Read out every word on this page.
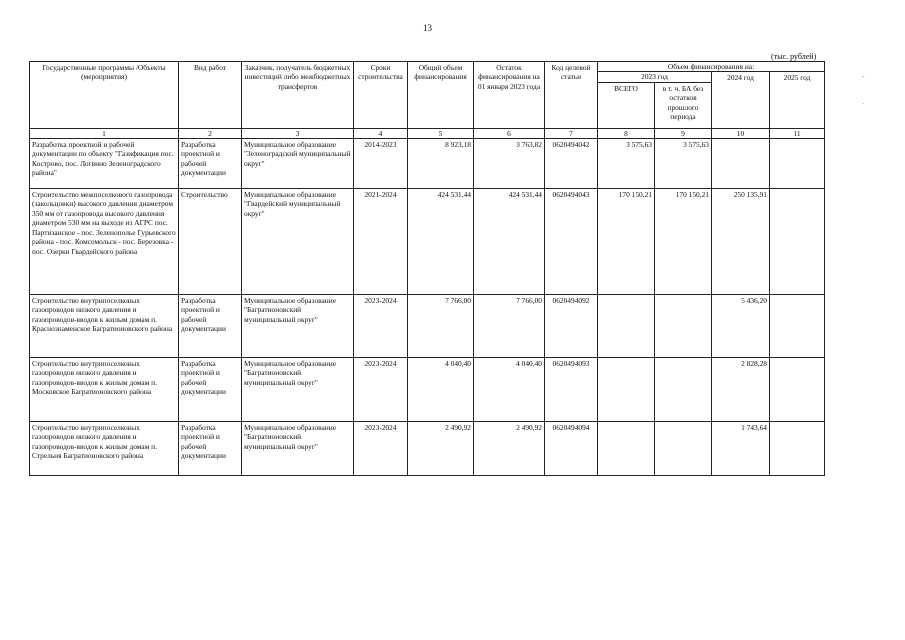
13
(тыс. рублей)
-
·
Государственные программы /Объекты (мероприятия)	Вид работ	Заказчик, получатель бюджетных инвестиций либо межбюджетных трансфертов	Сроки строительства	Общий объем финансирования	Остаток финансирования на 01 января 2023 года	Код целевой статьи	Объем финансирования на:			
							2023 год		2024 год	2025 год
							ВСЕГО	в т. ч. БА без остатков прошлого периода		
1	2	3	4	5	6	7	8	9	10	11
Разработка проектной и рабочей документации по объекту "Газификация пос. Кострово, пос. Логвино Зеленоградского района"	Разработка проектной и рабочей документации	Муниципальное образование "Зеленоградский муниципальный округ"	2014-2023	8 923,18	3 763,82	0620494042	3 575,63	3 575,63		
Строительство межпоселкового газопровода (закольцовки) высокого давления диаметром 350 мм от газопровода высокого давления диаметром 530 мм на выходе из АГРС пос. Партизанское - пос. Зеленополье Гурьевского района - пос. Комсомольск - пос. Березовка - пос. Озерки Гвардейского района	Строительство	Муниципальное образование "Гвардейский муниципальный округ"	2021-2024	424 531,44	424 531,44	0620494043	170 150,21	170 150,21	250 135,91	
Строительство внутрипоселковых газопроводов низкого давления и газопроводов-вводов к жилым домам п. Краснознаменское Багратионовского района	Разработка проектной и рабочей документации	Муниципальное образование "Багратионовский муниципальный округ"	2023-2024	7 766,00	7 766,00	0620494092			5 436,20	
Строительство внутрипоселковых газопроводов низкого давления и газопроводов-вводов к жилым домам п. Московское Багратионовского района	Разработка проектной и рабочей документации	Муниципальное образование "Багратионовский муниципальный округ"	2023-2024	4 040,40	4 040,40	0620494093			2 828,28	
Строительство внутрипоселковых газопроводов низкого давления и газопроводов-вводов к жилым домам п. Стрельня Багратионовского района	Разработка проектной и рабочей документации	Муниципальное образование "Багратионовский муниципальный округ"	2023-2024	2 490,92	2 490,92	0620494094			1 743,64	
